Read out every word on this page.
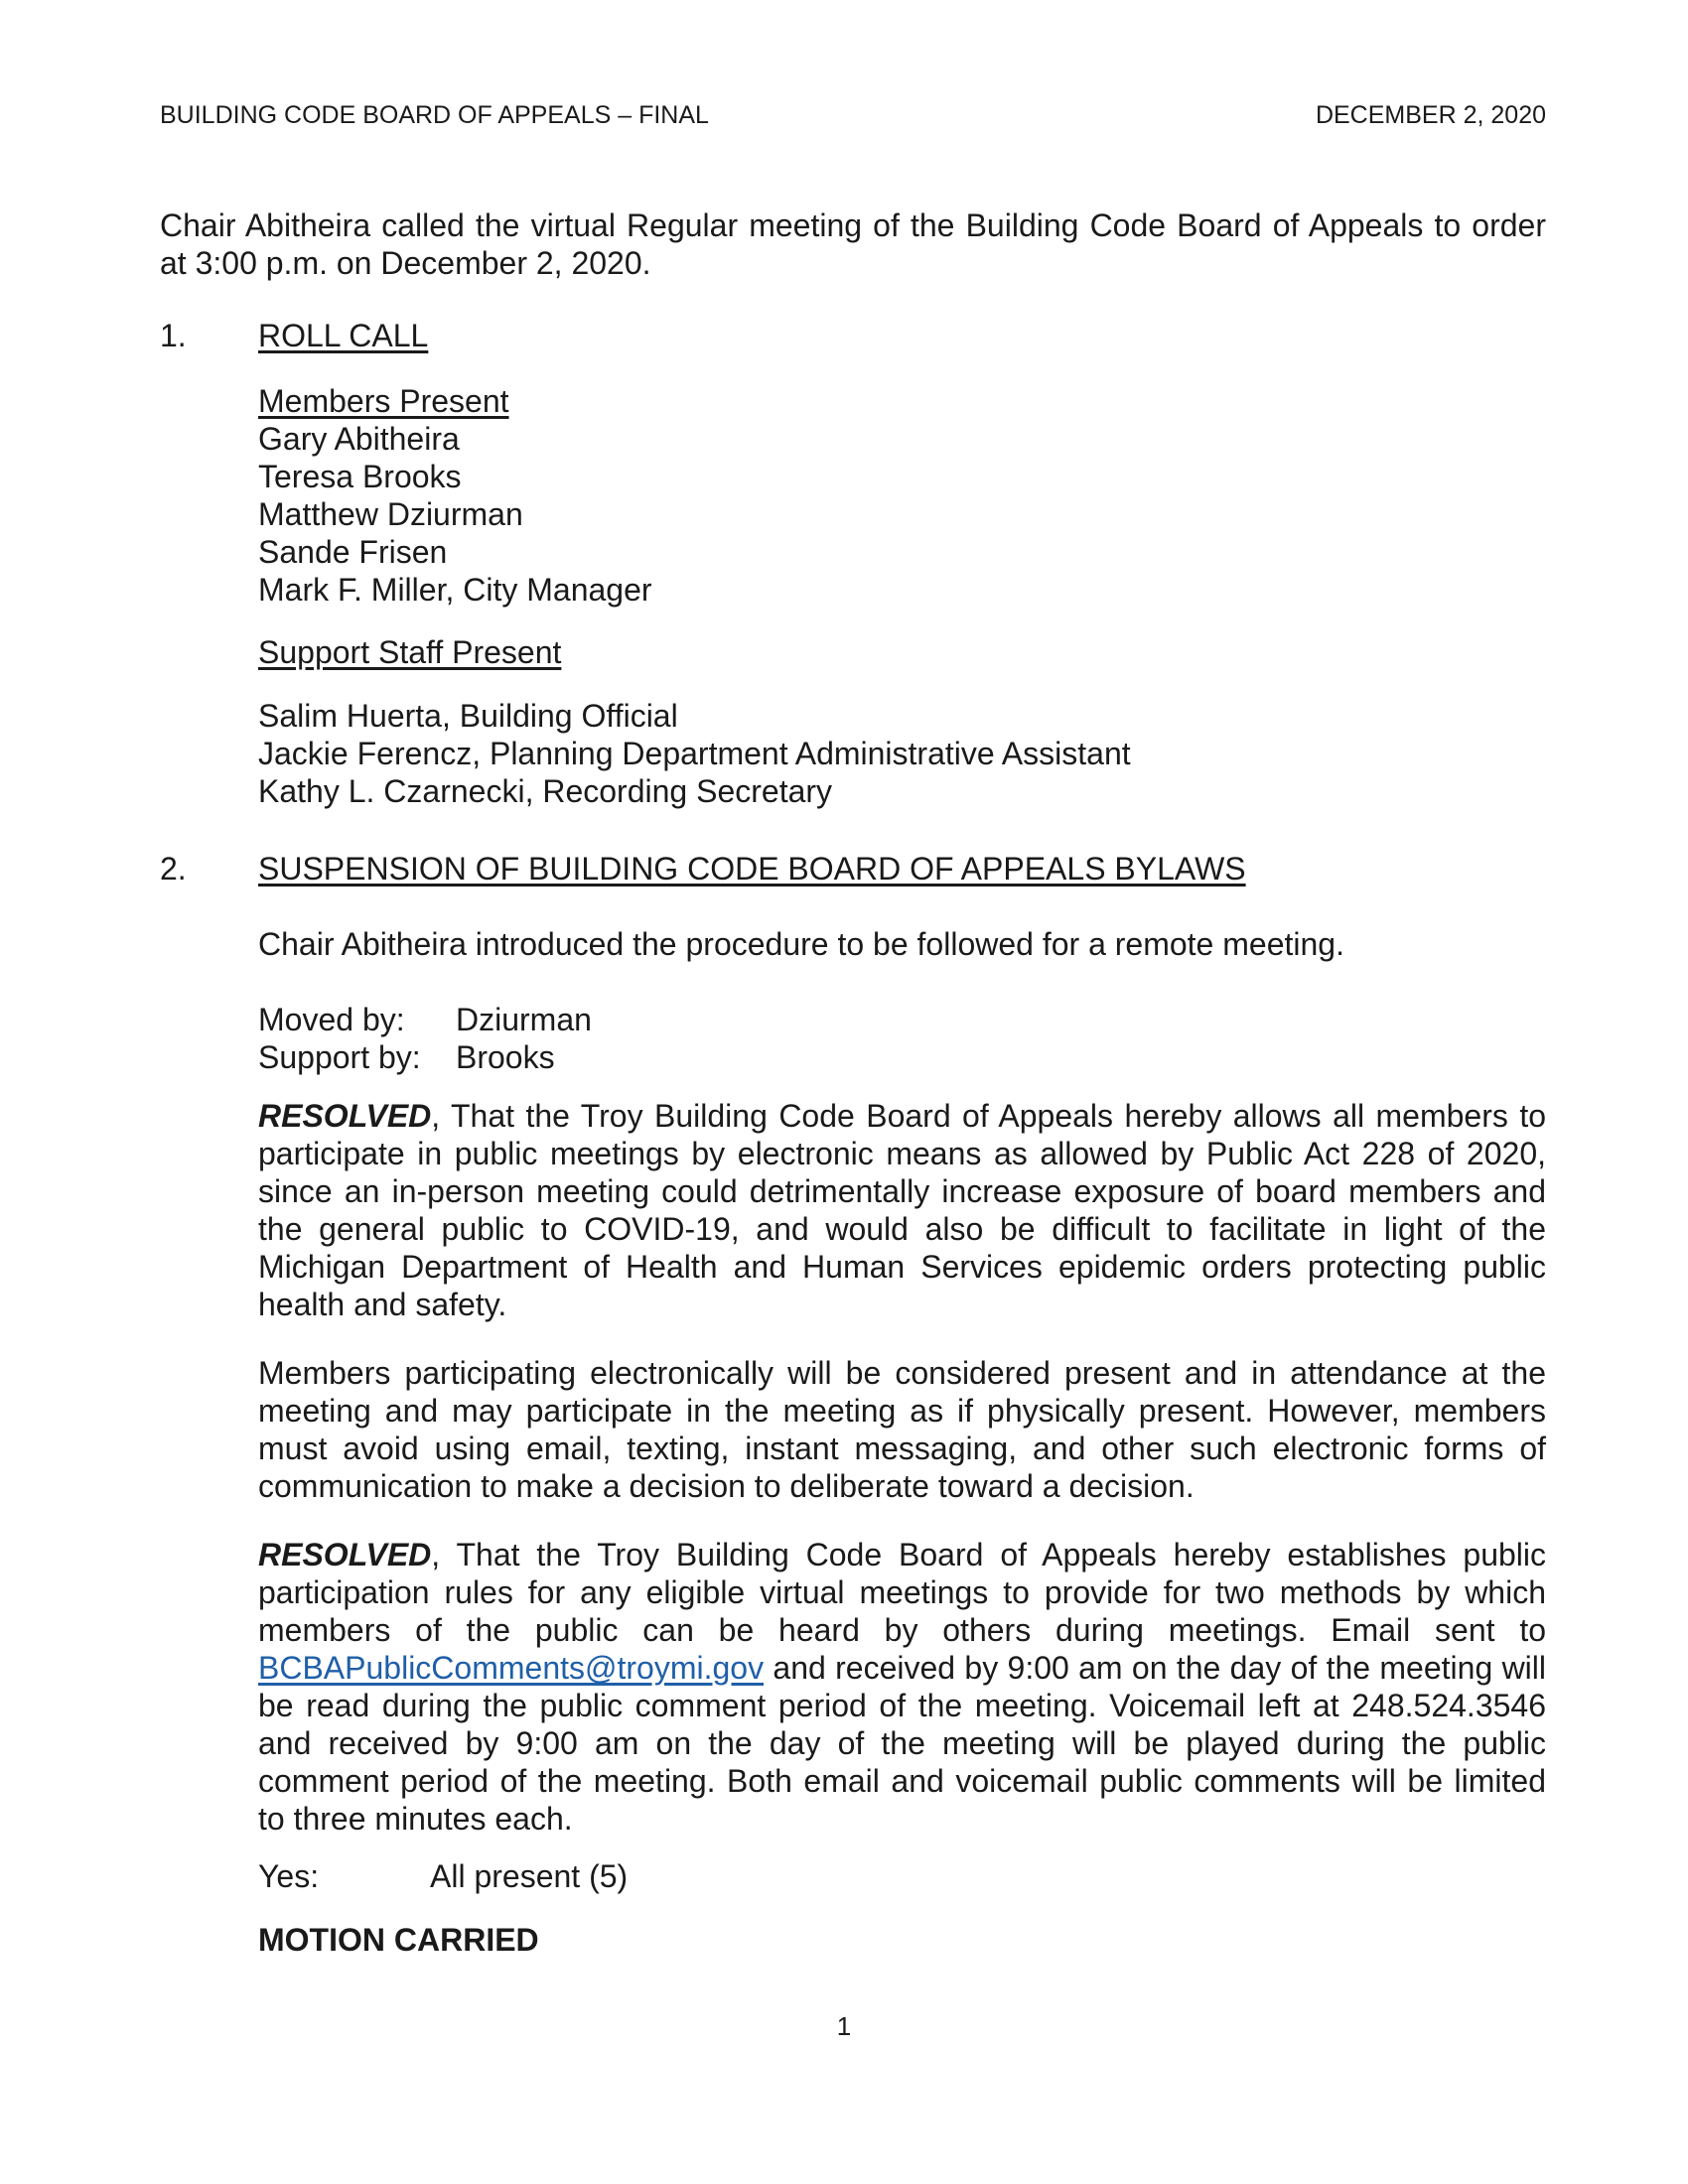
BUILDING CODE BOARD OF APPEALS – FINAL	DECEMBER 2, 2020

Chair Abitheira called the virtual Regular meeting of the Building Code Board of Appeals to order at 3:00 p.m. on December 2, 2020.

1. ROLL CALL
Members Present
Gary Abitheira
Teresa Brooks
Matthew Dziurman
Sande Frisen
Mark F. Miller, City Manager
Support Staff Present
Salim Huerta, Building Official
Jackie Ferencz, Planning Department Administrative Assistant
Kathy L. Czarnecki, Recording Secretary
2. SUSPENSION OF BUILDING CODE BOARD OF APPEALS BYLAWS
Chair Abitheira introduced the procedure to be followed for a remote meeting.
Moved by:	Dziurman
Support by:	Brooks

RESOLVED, That the Troy Building Code Board of Appeals hereby allows all members to participate in public meetings by electronic means as allowed by Public Act 228 of 2020, since an in-person meeting could detrimentally increase exposure of board members and the general public to COVID-19, and would also be difficult to facilitate in light of the Michigan Department of Health and Human Services epidemic orders protecting public health and safety.

Members participating electronically will be considered present and in attendance at the meeting and may participate in the meeting as if physically present. However, members must avoid using email, texting, instant messaging, and other such electronic forms of communication to make a decision to deliberate toward a decision.

RESOLVED, That the Troy Building Code Board of Appeals hereby establishes public participation rules for any eligible virtual meetings to provide for two methods by which members of the public can be heard by others during meetings. Email sent to BCBAPublicComments@troymi.gov and received by 9:00 am on the day of the meeting will be read during the public comment period of the meeting. Voicemail left at 248.524.3546 and received by 9:00 am on the day of the meeting will be played during the public comment period of the meeting. Both email and voicemail public comments will be limited to three minutes each.

Yes:	All present (5)
MOTION CARRIED
1
